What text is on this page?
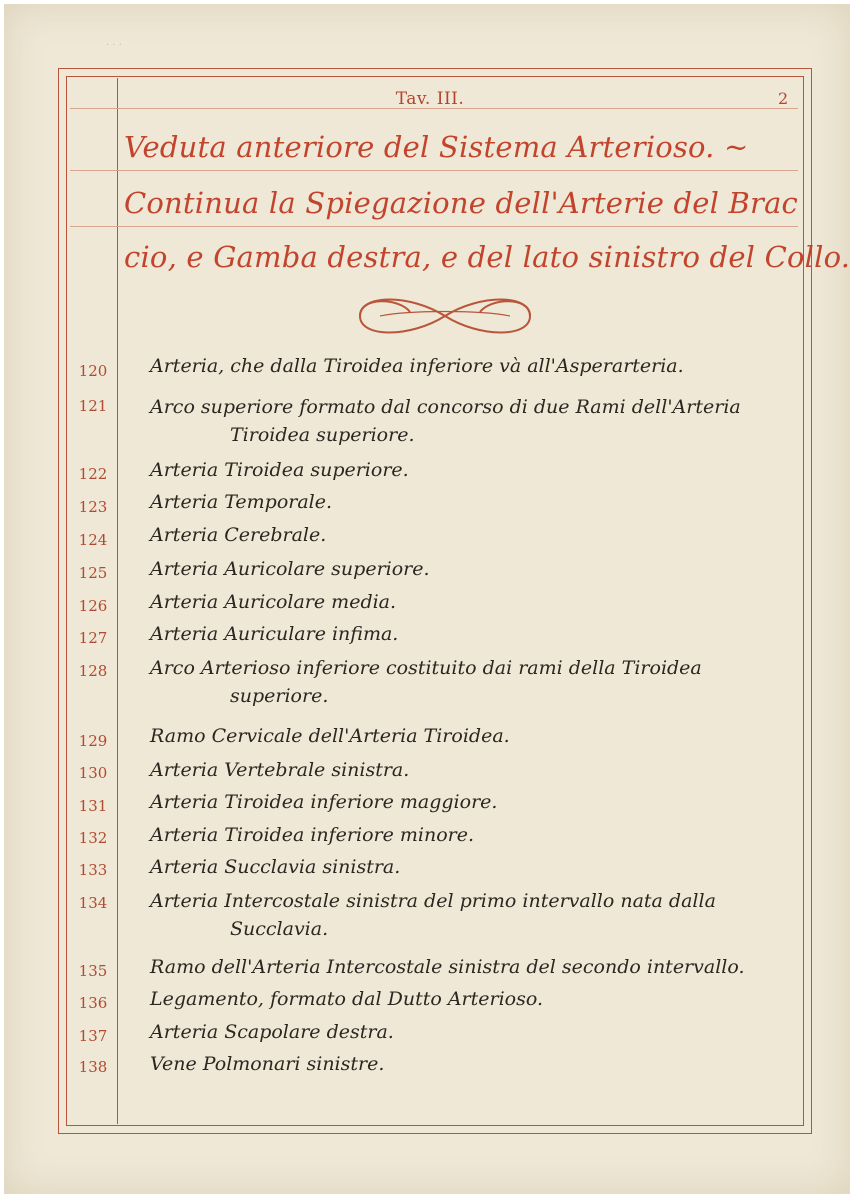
Tav. III.	2
Veduta anteriore del Sistema Arterioso. ~
Continua la Spiegazione dell'Arterie del Brac
cio, e Gamba destra, e del lato sinistro del Collo.
· · ·
120	Arteria, che dalla Tiroidea inferiore và all'Asperarteria.
121	Arco superiore formato dal concorso di due Rami dell'Arteria
Tiroidea superiore.
122	Arteria Tiroidea superiore.
123	Arteria Temporale.
124	Arteria Cerebrale.
125	Arteria Auricolare superiore.
126	Arteria Auricolare media.
127	Arteria Auriculare infima.
128	Arco Arterioso inferiore costituito dai rami della Tiroidea
superiore.
129	Ramo Cervicale dell'Arteria Tiroidea.
130	Arteria Vertebrale sinistra.
131	Arteria Tiroidea inferiore maggiore.
132	Arteria Tiroidea inferiore minore.
133	Arteria Succlavia sinistra.
134	Arteria Intercostale sinistra del primo intervallo nata dalla
Succlavia.
135	Ramo dell'Arteria Intercostale sinistra del secondo intervallo.
136	Legamento, formato dal Dutto Arterioso.
137	Arteria Scapolare destra.
138	Vene Polmonari sinistre.
